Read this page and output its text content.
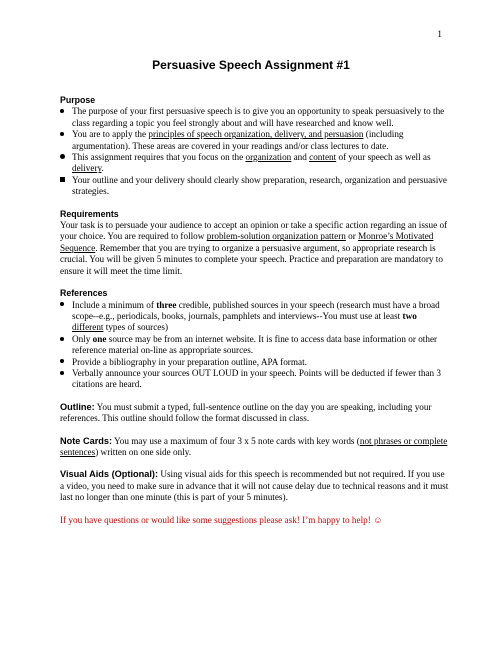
1
Persuasive Speech Assignment #1
Purpose
The purpose of your first persuasive speech is to give you an opportunity to speak persuasively to the class regarding a topic you feel strongly about and will have researched and know well.
You are to apply the principles of speech organization, delivery, and persuasion (including argumentation). These areas are covered in your readings and/or class lectures to date.
This assignment requires that you focus on the organization and content of your speech as well as delivery.
Your outline and your delivery should clearly show preparation, research, organization and persuasive strategies.
Requirements
Your task is to persuade your audience to accept an opinion or take a specific action regarding an issue of your choice. You are required to follow problem-solution organization pattern or Monroe’s Motivated Sequence. Remember that you are trying to organize a persuasive argument, so appropriate research is crucial. You will be given 5 minutes to complete your speech. Practice and preparation are mandatory to ensure it will meet the time limit.
References
Include a minimum of three credible, published sources in your speech (research must have a broad scope--e.g., periodicals, books, journals, pamphlets and interviews--You must use at least two different types of sources)
Only one source may be from an internet website. It is fine to access data base information or other reference material on-line as appropriate sources.
Provide a bibliography in your preparation outline, APA format.
Verbally announce your sources OUT LOUD in your speech. Points will be deducted if fewer than 3 citations are heard.
Outline: You must submit a typed, full-sentence outline on the day you are speaking, including your references. This outline should follow the format discussed in class.
Note Cards: You may use a maximum of four 3 x 5 note cards with key words (not phrases or complete sentences) written on one side only.
Visual Aids (Optional): Using visual aids for this speech is recommended but not required. If you use a video, you need to make sure in advance that it will not cause delay due to technical reasons and it must last no longer than one minute (this is part of your 5 minutes).
If you have questions or would like some suggestions please ask! I’m happy to help! ☺
